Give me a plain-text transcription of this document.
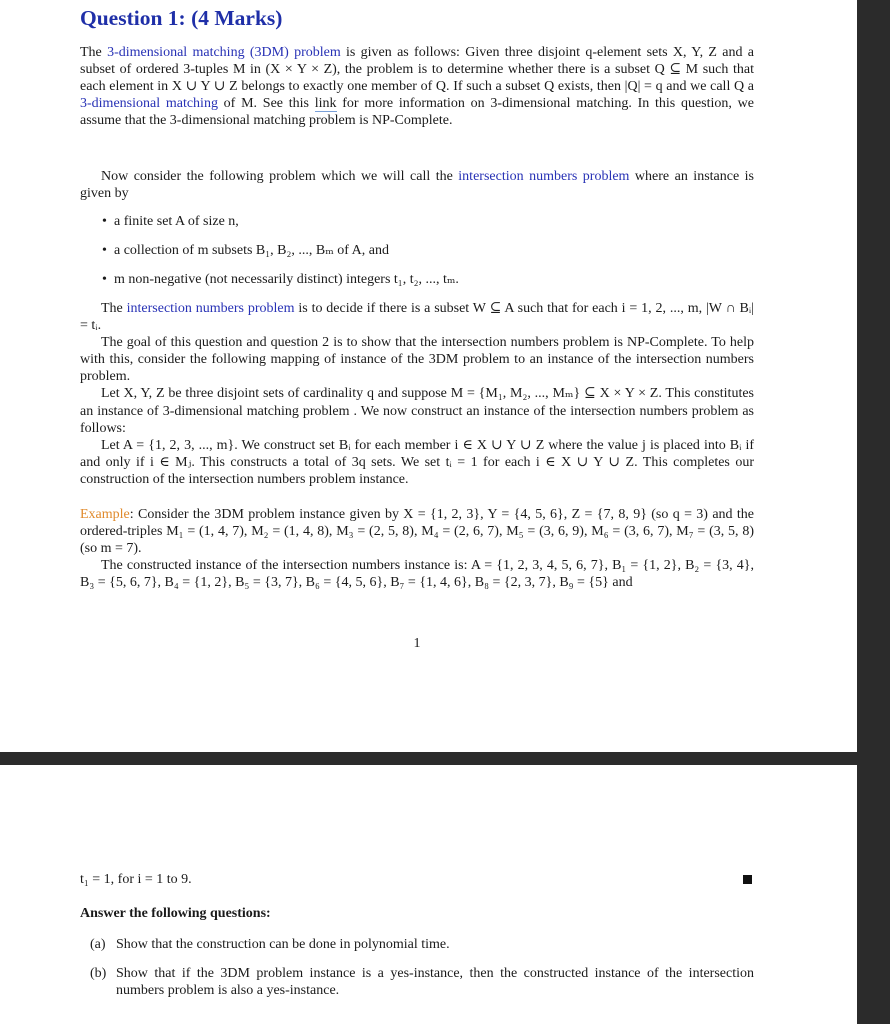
Question 1: (4 Marks)

The 3-dimensional matching (3DM) problem is given as follows: Given three disjoint q-element sets X, Y, Z and a subset of ordered 3-tuples M in (X × Y × Z), the problem is to determine whether there is a subset Q ⊆ M such that each element in X ∪ Y ∪ Z belongs to exactly one member of Q. If such a subset Q exists, then |Q| = q and we call Q a 3-dimensional matching of M. See this link for more information on 3-dimensional matching. In this question, we assume that the 3-dimensional matching problem is NP-Complete.

Now consider the following problem which we will call the intersection numbers problem where an instance is given by

• a finite set A of size n,
• a collection of m subsets B₁, B₂, ..., Bₘ of A, and
• m non-negative (not necessarily distinct) integers t₁, t₂, ..., tₘ.

The intersection numbers problem is to decide if there is a subset W ⊆ A such that for each i = 1, 2, ..., m, |W ∩ Bᵢ| = tᵢ.

The goal of this question and question 2 is to show that the intersection numbers problem is NP-Complete. To help with this, consider the following mapping of instance of the 3DM problem to an instance of the intersection numbers problem.

Let X, Y, Z be three disjoint sets of cardinality q and suppose M = {M₁, M₂, ..., Mₘ} ⊆ X × Y × Z. This constitutes an instance of 3-dimensional matching problem . We now construct an instance of the intersection numbers problem as follows:

Let A = {1, 2, 3, ..., m}. We construct set Bᵢ for each member i ∈ X ∪ Y ∪ Z where the value j is placed into Bᵢ if and only if i ∈ Mⱼ. This constructs a total of 3q sets. We set tᵢ = 1 for each i ∈ X ∪ Y ∪ Z. This completes our construction of the intersection numbers problem instance.

Example: Consider the 3DM problem instance given by X = {1, 2, 3}, Y = {4, 5, 6}, Z = {7, 8, 9} (so q = 3) and the ordered-triples M₁ = (1, 4, 7), M₂ = (1, 4, 8), M₃ = (2, 5, 8), M₄ = (2, 6, 7), M₅ = (3, 6, 9), M₆ = (3, 6, 7), M₇ = (3, 5, 8) (so m = 7).

The constructed instance of the intersection numbers instance is: A = {1, 2, 3, 4, 5, 6, 7}, B₁ = {1, 2}, B₂ = {3, 4}, B₃ = {5, 6, 7}, B₄ = {1, 2}, B₅ = {3, 7}, B₆ = {4, 5, 6}, B₇ = {1, 4, 6}, B₈ = {2, 3, 7}, B₉ = {5} and

1
t₁ = 1, for i = 1 to 9.
Answer the following questions:
(a) Show that the construction can be done in polynomial time.
(b) Show that if the 3DM problem instance is a yes-instance, then the constructed instance of the intersection numbers problem is also a yes-instance.
